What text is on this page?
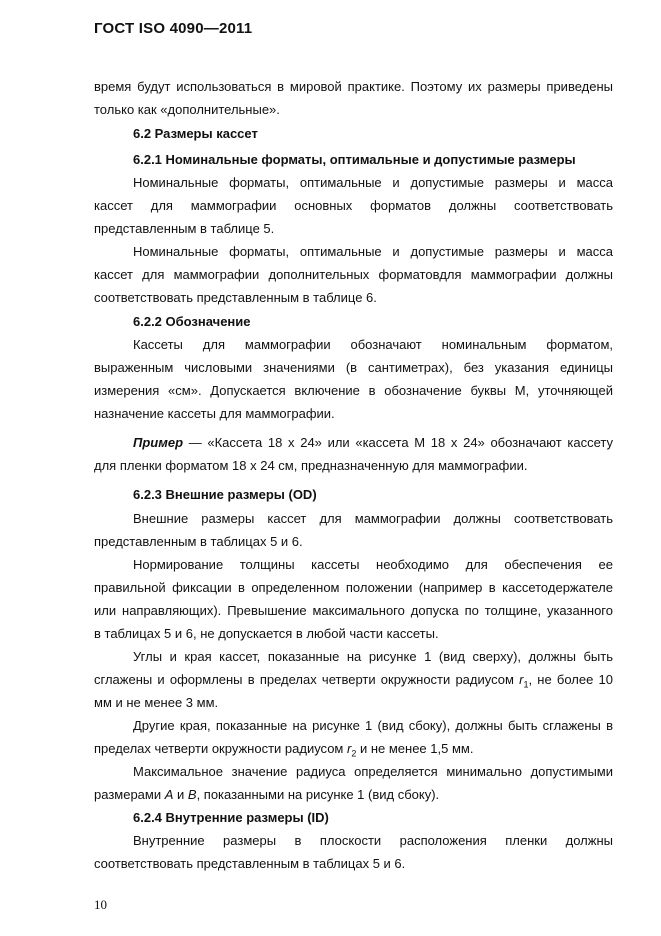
ГОСТ ISO 4090—2011
время будут использоваться в мировой практике. Поэтому их размеры приведены
только как «дополнительные».
6.2 Размеры кассет
6.2.1 Номинальные форматы, оптимальные и допустимые размеры
Номинальные форматы, оптимальные и допустимые размеры и масса
кассет для маммографии основных форматов должны соответствовать
представленным в таблице 5.
Номинальные форматы, оптимальные и допустимые размеры и масса
кассет для маммографии дополнительных форматовдля маммографии должны
соответствовать представленным в таблице 6.
6.2.2 Обозначение
Кассеты для маммографии обозначают номинальным форматом,
выраженным числовыми значениями (в сантиметрах), без указания единицы
измерения «см». Допускается включение в обозначение буквы М, уточняющей
назначение кассеты для маммографии.
Пример — «Кассета 18 x 24» или «кассета М 18 x 24» обозначают кассету
для пленки форматом 18 x 24 см, предназначенную для маммографии.
6.2.3 Внешние размеры (OD)
Внешние размеры кассет для маммографии должны соответствовать
представленным в таблицах 5 и 6.
Нормирование толщины кассеты необходимо для обеспечения ее
правильной фиксации в определенном положении (например в кассетодержателе
или направляющих). Превышение максимального допуска по толщине, указанного
в таблицах 5 и 6, не допускается в любой части кассеты.
Углы и края кассет, показанные на рисунке 1 (вид сверху), должны быть
сглажены и оформлены в пределах четверти окружности радиусом $r_1$, не более 10
мм и не менее 3 мм.
Другие края, показанные на рисунке 1 (вид сбоку), должны быть сглажены в
пределах четверти окружности радиусом $r_2$ и не менее 1,5 мм.
Максимальное значение радиуса определяется минимально допустимыми
размерами A и B, показанными на рисунке 1 (вид сбоку).
6.2.4 Внутренние размеры (ID)
Внутренние размеры в плоскости расположения пленки должны
соответствовать представленным в таблицах 5 и 6.
10
